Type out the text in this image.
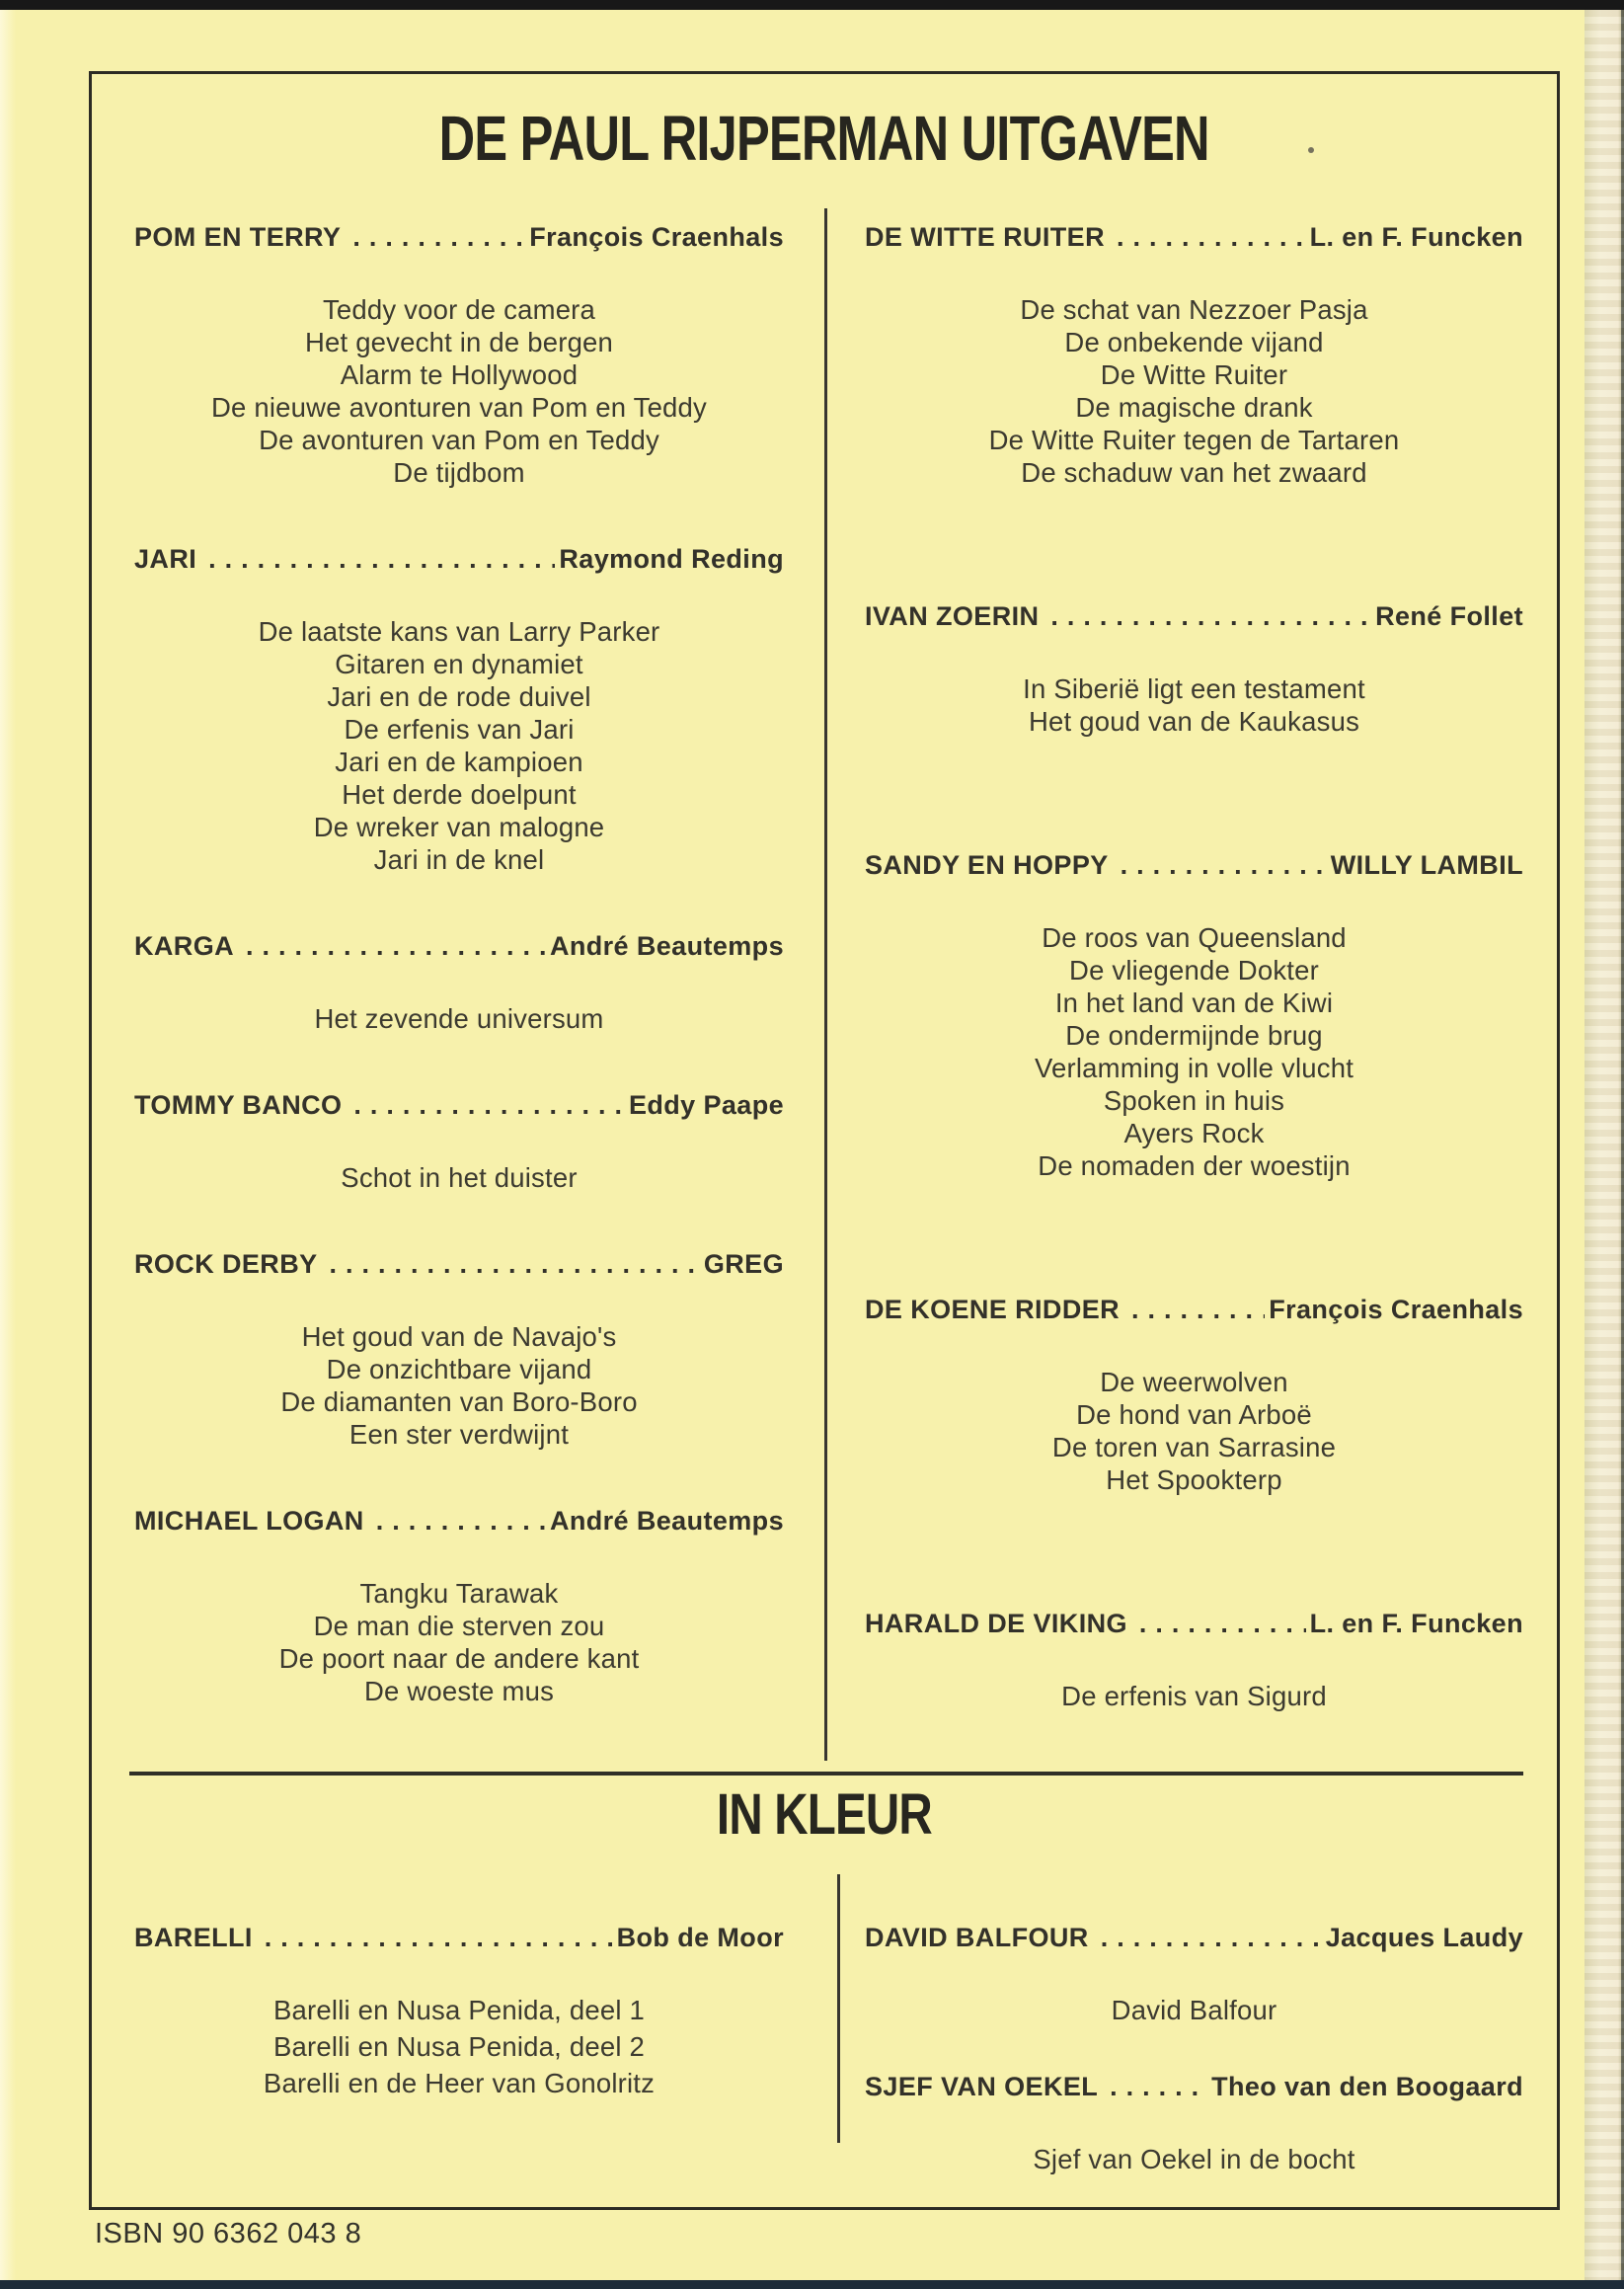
DE PAUL RIJPERMAN UITGAVEN
POM EN TERRY .....	François Craenhals
Teddy voor de camera
Het gevecht in de bergen
Alarm te Hollywood
De nieuwe avonturen van Pom en Teddy
De avonturen van Pom en Teddy
De tijdbom
JARI .....	Raymond Reding
De laatste kans van Larry Parker
Gitaren en dynamiet
Jari en de rode duivel
De erfenis van Jari
Jari en de kampioen
Het derde doelpunt
De wreker van malogne
Jari in de knel
KARGA .....	André Beautemps
Het zevende universum
TOMMY BANCO .....	Eddy Paape
Schot in het duister
ROCK DERBY .....	GREG
Het goud van de Navajo's
De onzichtbare vijand
De diamanten van Boro-Boro
Een ster verdwijnt
MICHAEL LOGAN .....	André Beautemps
Tangku Tarawak
De man die sterven zou
De poort naar de andere kant
De woeste mus
DE WITTE RUITER .....	L. en F. Funcken
De schat van Nezzoer Pasja
De onbekende vijand
De Witte Ruiter
De magische drank
De Witte Ruiter tegen de Tartaren
De schaduw van het zwaard
IVAN ZOERIN .....	René Follet
In Siberië ligt een testament
Het goud van de Kaukasus
SANDY EN HOPPY .....	WILLY LAMBIL
De roos van Queensland
De vliegende Dokter
In het land van de Kiwi
De ondermijnde brug
Verlamming in volle vlucht
Spoken in huis
Ayers Rock
De nomaden der woestijn
DE KOENE RIDDER .....	François Craenhals
De weerwolven
De hond van Arboë
De toren van Sarrasine
Het Spookterp
HARALD DE VIKING .....	L. en F. Funcken
De erfenis van Sigurd
IN KLEUR
BARELLI .....	Bob de Moor
Barelli en Nusa Penida, deel 1
Barelli en Nusa Penida, deel 2
Barelli en de Heer van Gonolritz
DAVID BALFOUR .....	Jacques Laudy
David Balfour
SJEF VAN OEKEL .....	Theo van den Boogaard
Sjef van Oekel in de bocht
ISBN 90 6362 043 8
